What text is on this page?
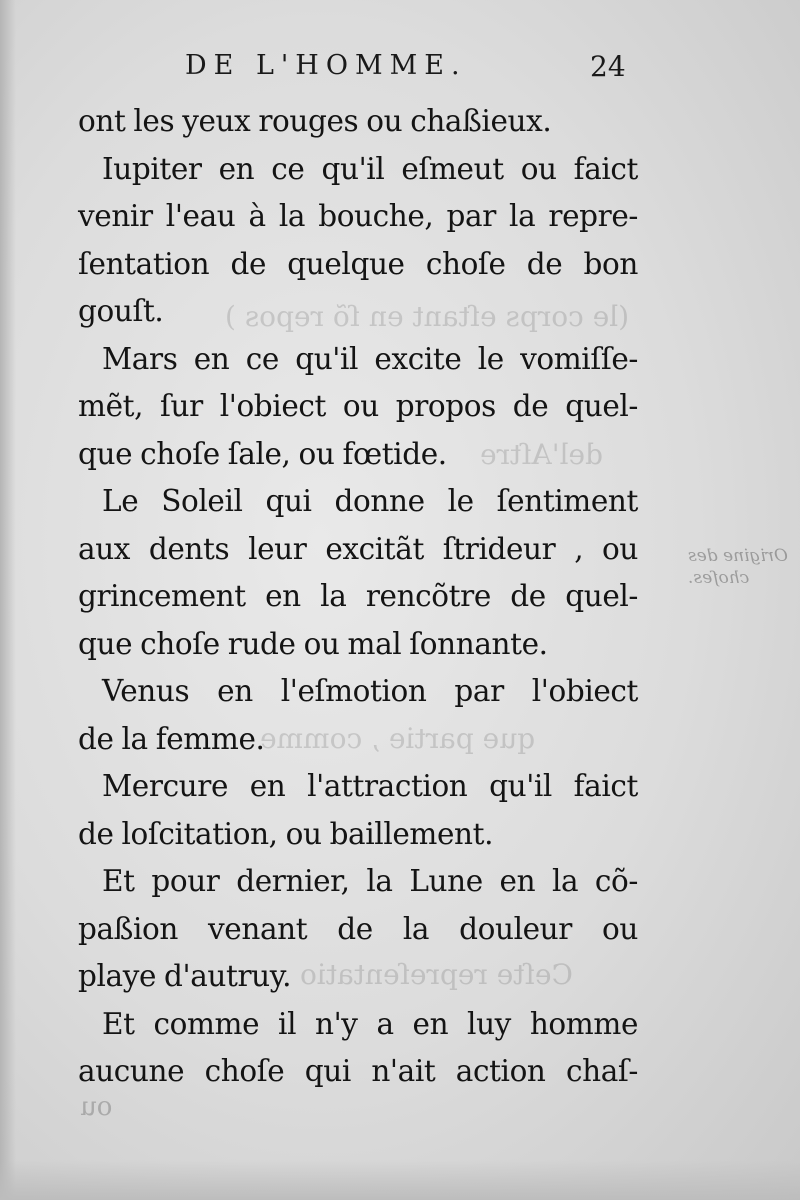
(le corps eſtant en ſõ repos )
del'Aſtre
que partie , comme
Ceſte repreſentatio
DE L'HOMME.	24
ont les yeux rouges ou chaßieux.
Iupiter en ce qu'il eſmeut ou faict
venir l'eau à la bouche, par la repre-
ſentation de quelque choſe de bon
gouſt.
Mars en ce qu'il excite le vomiſſe-
mẽt, ſur l'obiect ou propos de quel-
que choſe ſale, ou fœtide.
Le Soleil qui donne le ſentiment
aux dents leur excitãt ſtrideur , ou
grincement en la rencõtre de quel-
que choſe rude ou mal ſonnante.
Venus en l'eſmotion par l'obiect
de la femme.
Mercure en l'attraction qu'il faict
de loſcitation, ou baillement.
Et pour dernier, la Lune en la cõ-
paßion venant de la douleur ou
playe d'autruy.
Et comme il n'y a en luy homme
aucune choſe qui n'ait action chaſ-
Origine des
choſes.
ou
